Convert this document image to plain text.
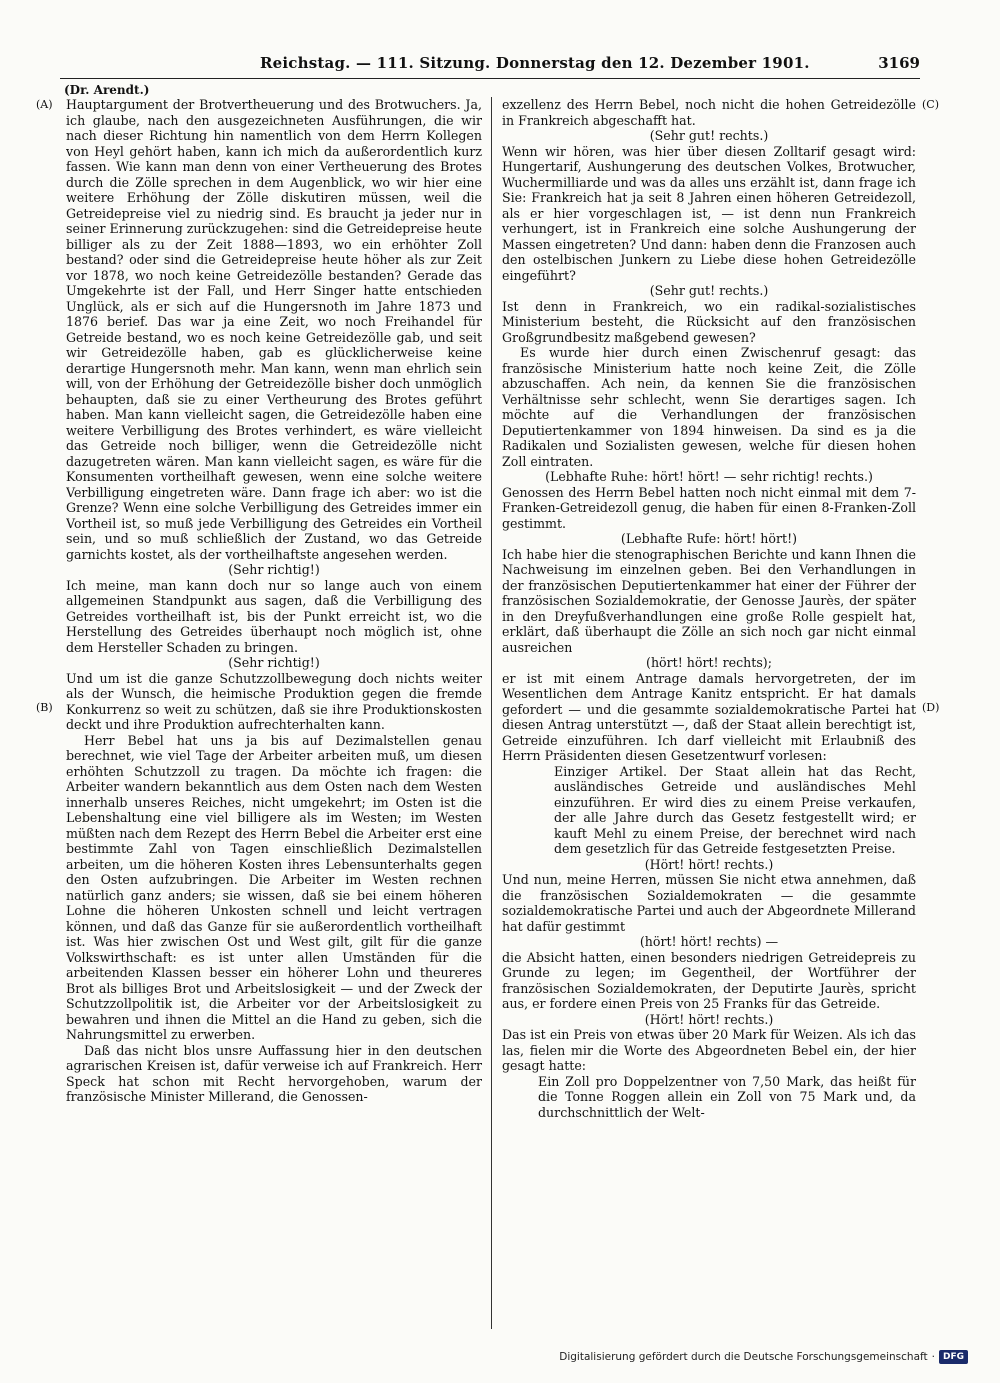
Reichstag. — 111. Sitzung. Donnerstag den 12. Dezember 1901.	3169
(Dr. Arendt.)
(A)
(B)
(C)
(D)

Hauptargument der Brotvertheuerung und des Brotwuchers. Ja, ich glaube, nach den ausgezeichneten Ausführungen, die wir nach dieser Richtung hin namentlich von dem Herrn Kollegen von Heyl gehört haben, kann ich mich da außerordentlich kurz fassen. Wie kann man denn von einer Vertheuerung des Brotes durch die Zölle sprechen in dem Augenblick, wo wir hier eine weitere Erhöhung der Zölle diskutiren müssen, weil die Getreidepreise viel zu niedrig sind. Es braucht ja jeder nur in seiner Erinnerung zurückzugehen: sind die Getreidepreise heute billiger als zu der Zeit 1888—1893, wo ein erhöhter Zoll bestand? oder sind die Getreidepreise heute höher als zur Zeit vor 1878, wo noch keine Getreidezölle bestanden? Gerade das Umgekehrte ist der Fall, und Herr Singer hatte entschieden Unglück, als er sich auf die Hungersnoth im Jahre 1873 und 1876 berief. Das war ja eine Zeit, wo noch Freihandel für Getreide bestand, wo es noch keine Getreidezölle gab, und seit wir Getreidezölle haben, gab es glücklicherweise keine derartige Hungersnoth mehr. Man kann, wenn man ehrlich sein will, von der Erhöhung der Getreidezölle bisher doch unmöglich behaupten, daß sie zu einer Vertheurung des Brotes geführt haben. Man kann vielleicht sagen, die Getreidezölle haben eine weitere Verbilligung des Brotes verhindert, es wäre vielleicht das Getreide noch billiger, wenn die Getreidezölle nicht dazugetreten wären. Man kann vielleicht sagen, es wäre für die Konsumenten vortheilhaft gewesen, wenn eine solche weitere Verbilligung eingetreten wäre. Dann frage ich aber: wo ist die Grenze? Wenn eine solche Verbilligung des Getreides immer ein Vortheil ist, so muß jede Verbilligung des Getreides ein Vortheil sein, und so muß schließlich der Zustand, wo das Getreide garnichts kostet, als der vortheilhaftste angesehen werden.

(Sehr richtig!)

Ich meine, man kann doch nur so lange auch von einem allgemeinen Standpunkt aus sagen, daß die Verbilligung des Getreides vortheilhaft ist, bis der Punkt erreicht ist, wo die Herstellung des Getreides überhaupt noch möglich ist, ohne dem Hersteller Schaden zu bringen.

(Sehr richtig!)

Und um ist die ganze Schutzzollbewegung doch nichts weiter als der Wunsch, die heimische Produktion gegen die fremde Konkurrenz so weit zu schützen, daß sie ihre Produktionskosten deckt und ihre Produktion aufrechterhalten kann.

Herr Bebel hat uns ja bis auf Dezimalstellen genau berechnet, wie viel Tage der Arbeiter arbeiten muß, um diesen erhöhten Schutzzoll zu tragen. Da möchte ich fragen: die Arbeiter wandern bekanntlich aus dem Osten nach dem Westen innerhalb unseres Reiches, nicht umgekehrt; im Osten ist die Lebenshaltung eine viel billigere als im Westen; im Westen müßten nach dem Rezept des Herrn Bebel die Arbeiter erst eine bestimmte Zahl von Tagen einschließlich Dezimalstellen arbeiten, um die höheren Kosten ihres Lebensunterhalts gegen den Osten aufzubringen. Die Arbeiter im Westen rechnen natürlich ganz anders; sie wissen, daß sie bei einem höheren Lohne die höheren Unkosten schnell und leicht vertragen können, und daß das Ganze für sie außerordentlich vortheilhaft ist. Was hier zwischen Ost und West gilt, gilt für die ganze Volkswirthschaft: es ist unter allen Umständen für die arbeitenden Klassen besser ein höherer Lohn und theureres Brot als billiges Brot und Arbeitslosigkeit — und der Zweck der Schutzzollpolitik ist, die Arbeiter vor der Arbeitslosigkeit zu bewahren und ihnen die Mittel an die Hand zu geben, sich die Nahrungsmittel zu erwerben.

Daß das nicht blos unsre Auffassung hier in den deutschen agrarischen Kreisen ist, dafür verweise ich auf Frankreich. Herr Speck hat schon mit Recht hervorgehoben, warum der französische Minister Millerand, die Genossen-

exzellenz des Herrn Bebel, noch nicht die hohen Getreidezölle in Frankreich abgeschafft hat.

(Sehr gut! rechts.)

Wenn wir hören, was hier über diesen Zolltarif gesagt wird: Hungertarif, Aushungerung des deutschen Volkes, Brotwucher, Wuchermilliarde und was da alles uns erzählt ist, dann frage ich Sie: Frankreich hat ja seit 8 Jahren einen höheren Getreidezoll, als er hier vorgeschlagen ist, — ist denn nun Frankreich verhungert, ist in Frankreich eine solche Aushungerung der Massen eingetreten? Und dann: haben denn die Franzosen auch den ostelbischen Junkern zu Liebe diese hohen Getreidezölle eingeführt?

(Sehr gut! rechts.)

Ist denn in Frankreich, wo ein radikal-sozialistisches Ministerium besteht, die Rücksicht auf den französischen Großgrundbesitz maßgebend gewesen?

Es wurde hier durch einen Zwischenruf gesagt: das französische Ministerium hatte noch keine Zeit, die Zölle abzuschaffen. Ach nein, da kennen Sie die französischen Verhältnisse sehr schlecht, wenn Sie derartiges sagen. Ich möchte auf die Verhandlungen der französischen Deputiertenkammer von 1894 hinweisen. Da sind es ja die Radikalen und Sozialisten gewesen, welche für diesen hohen Zoll eintraten.

(Lebhafte Ruhe: hört! hört! — sehr richtig! rechts.)

Genossen des Herrn Bebel hatten noch nicht einmal mit dem 7-Franken-Getreidezoll genug, die haben für einen 8-Franken-Zoll gestimmt.

(Lebhafte Rufe: hört! hört!)

Ich habe hier die stenographischen Berichte und kann Ihnen die Nachweisung im einzelnen geben. Bei den Verhandlungen in der französischen Deputiertenkammer hat einer der Führer der französischen Sozialdemokratie, der Genosse Jaurès, der später in den Dreyfußverhandlungen eine große Rolle gespielt hat, erklärt, daß überhaupt die Zölle an sich noch gar nicht einmal ausreichen

(hört! hört! rechts);

er ist mit einem Antrage damals hervorgetreten, der im Wesentlichen dem Antrage Kanitz entspricht. Er hat damals gefordert — und die gesammte sozialdemokratische Partei hat diesen Antrag unterstützt —, daß der Staat allein berechtigt ist, Getreide einzuführen. Ich darf vielleicht mit Erlaubniß des Herrn Präsidenten diesen Gesetzentwurf vorlesen:

Einziger Artikel. Der Staat allein hat das Recht, ausländisches Getreide und ausländisches Mehl einzuführen. Er wird dies zu einem Preise verkaufen, der alle Jahre durch das Gesetz festgestellt wird; er kauft Mehl zu einem Preise, der berechnet wird nach dem gesetzlich für das Getreide festgesetzten Preise.

(Hört! hört! rechts.)

Und nun, meine Herren, müssen Sie nicht etwa annehmen, daß die französischen Sozialdemokraten — die gesammte sozialdemokratische Partei und auch der Abgeordnete Millerand hat dafür gestimmt

(hört! hört! rechts) —

die Absicht hatten, einen besonders niedrigen Getreidepreis zu Grunde zu legen; im Gegentheil, der Wortführer der französischen Sozialdemokraten, der Deputirte Jaurès, spricht aus, er fordere einen Preis von 25 Franks für das Getreide.

(Hört! hört! rechts.)

Das ist ein Preis von etwas über 20 Mark für Weizen. Als ich das las, fielen mir die Worte des Abgeordneten Bebel ein, der hier gesagt hatte:

Ein Zoll pro Doppelzentner von 7,50 Mark, das heißt für die Tonne Roggen allein ein Zoll von 75 Mark und, da durchschnittlich der Welt-

Digitalisierung gefördert durch die Deutsche Forschungsgemeinschaft · DFG
